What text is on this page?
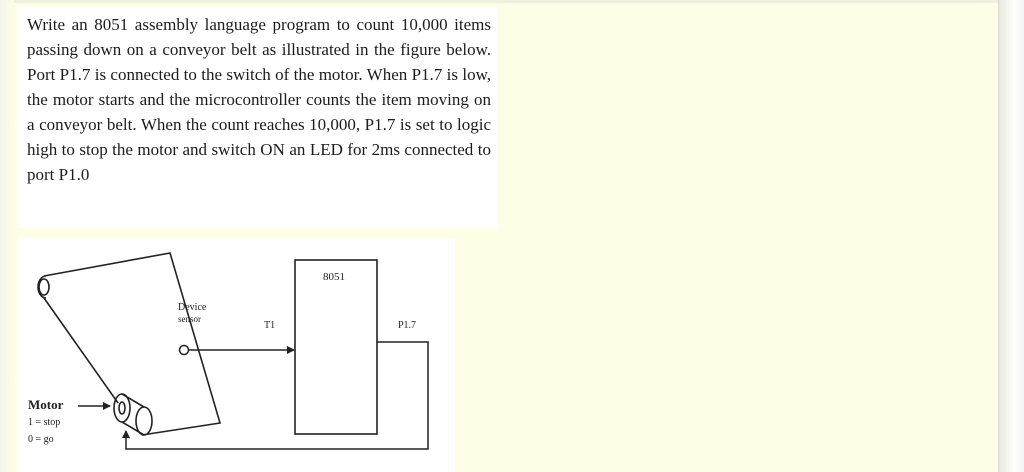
Write an 8051 assembly language program to count 10,000 items passing down on a conveyor belt as illustrated in the figure below. Port P1.7 is connected to the switch of the motor. When P1.7 is low, the motor starts and the microcontroller counts the item moving on a conveyor belt. When the count reaches 10,000, P1.7 is set to logic high to stop the motor and switch ON an LED for 2ms connected to port P1.0

Device
sensor
T1
8051
P1.7
Motor
1 = stop
0 = go
